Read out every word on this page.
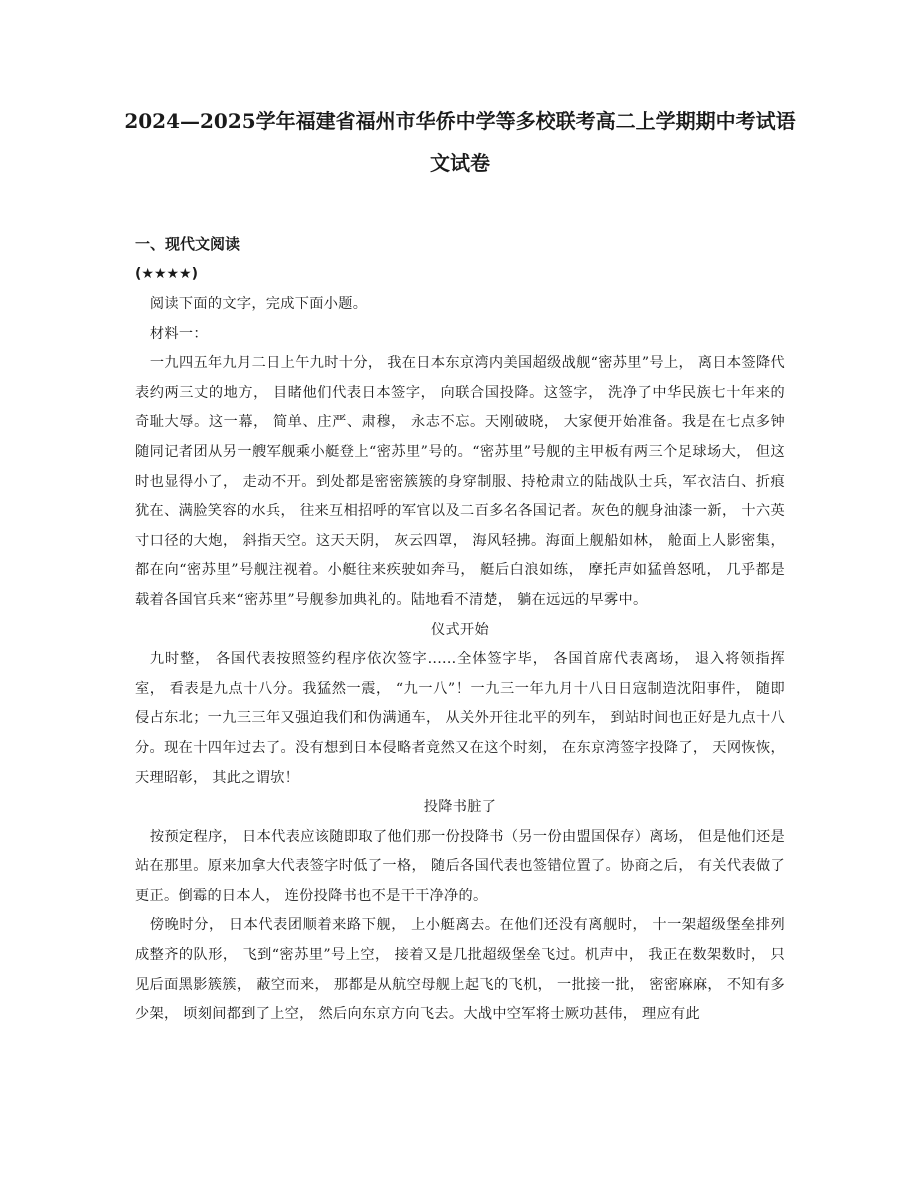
2024—2025学年福建省福州市华侨中学等多校联考高二上学期期中考试语文试卷
一、现代文阅读
(★★★★)

阅读下面的文字，完成下面小题。

材料一：

一九四五年九月二日上午九时十分， 我在日本东京湾内美国超级战舰“密苏里”号上， 离日本签降代表约两三丈的地方， 目睹他们代表日本签字， 向联合国投降。这签字， 洗净了中华民族七十年来的奇耻大辱。这一幕， 简单、庄严、肃穆， 永志不忘。天刚破晓， 大家便开始准备。我是在七点多钟随同记者团从另一艘军舰乘小艇登上“密苏里”号的。“密苏里”号舰的主甲板有两三个足球场大， 但这时也显得小了， 走动不开。到处都是密密簇簇的身穿制服、持枪肃立的陆战队士兵，军衣洁白、折痕犹在、满脸笑容的水兵， 往来互相招呼的军官以及二百多名各国记者。灰色的舰身油漆一新， 十六英寸口径的大炮， 斜指天空。这天天阴， 灰云四罩， 海风轻拂。海面上舰船如林， 舱面上人影密集， 都在向“密苏里”号舰注视着。小艇往来疾驶如奔马， 艇后白浪如练， 摩托声如猛兽怒吼， 几乎都是载着各国官兵来“密苏里”号舰参加典礼的。陆地看不清楚， 躺在远远的早雾中。

仪式开始

九时整， 各国代表按照签约程序依次签字......全体签字毕， 各国首席代表离场， 退入将领指挥室， 看表是九点十八分。我猛然一震， “九一八”！一九三一年九月十八日日寇制造沈阳事件， 随即侵占东北；一九三三年又强迫我们和伪满通车， 从关外开往北平的列车， 到站时间也正好是九点十八分。现在十四年过去了。没有想到日本侵略者竟然又在这个时刻， 在东京湾签字投降了， 天网恢恢， 天理昭彰， 其此之谓欤！

投降书脏了

按预定程序， 日本代表应该随即取了他们那一份投降书（另一份由盟国保存）离场， 但是他们还是站在那里。原来加拿大代表签字时低了一格， 随后各国代表也签错位置了。协商之后， 有关代表做了更正。倒霉的日本人， 连份投降书也不是干干净净的。

傍晚时分， 日本代表团顺着来路下舰， 上小艇离去。在他们还没有离舰时， 十一架超级堡垒排列成整齐的队形， 飞到“密苏里”号上空， 接着又是几批超级堡垒飞过。机声中， 我正在数架数时， 只见后面黑影簇簇， 蔽空而来， 那都是从航空母舰上起飞的飞机， 一批接一批， 密密麻麻， 不知有多少架， 顷刻间都到了上空， 然后向东京方向飞去。大战中空军将士厥功甚伟， 理应有此
